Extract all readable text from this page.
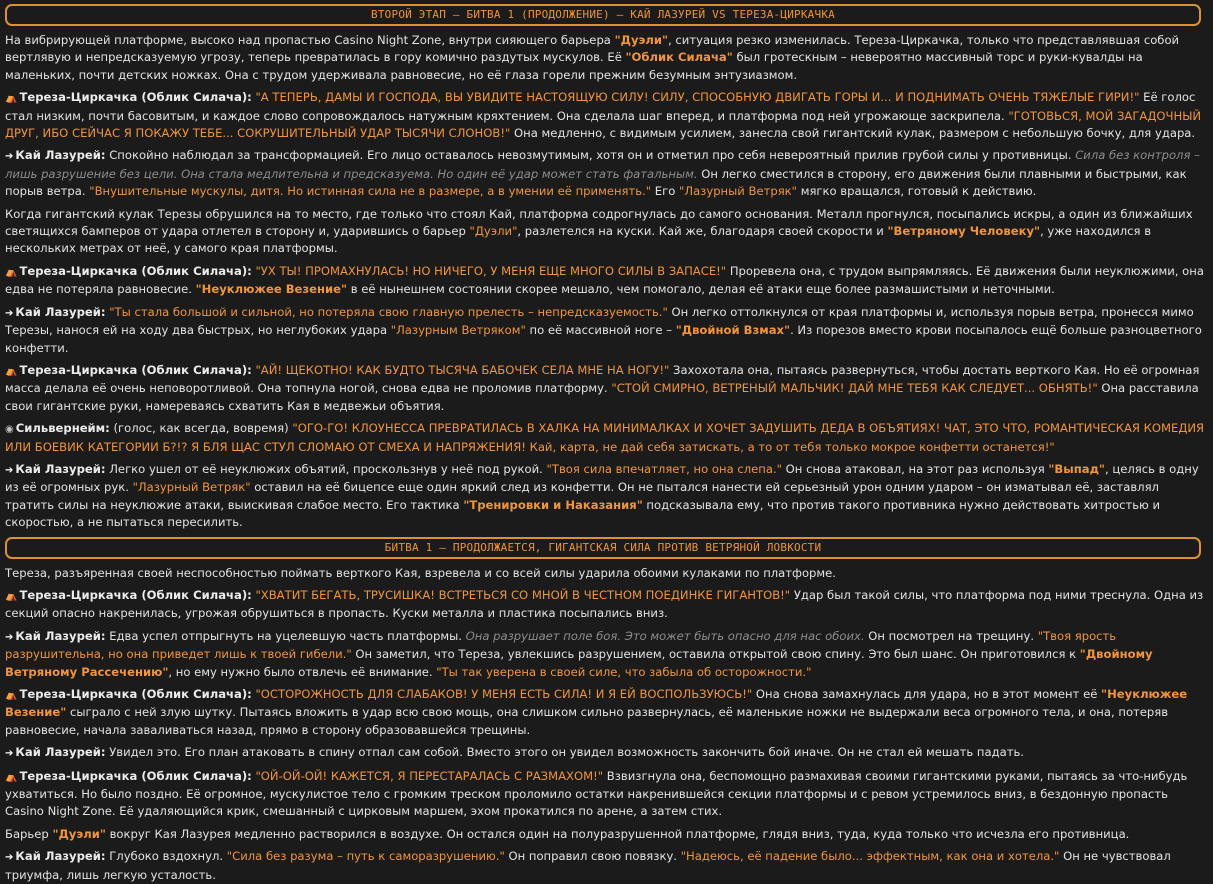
ВТОРОЙ ЭТАП – БИТВА 1 (ПРОДОЛЖЕНИЕ) – КАЙ ЛАЗУРЕЙ VS ТЕРЕЗА-ЦИРКАЧКА

На вибрирующей платформе, высоко над пропастью Casino Night Zone, внутри сияющего барьера "Дуэли", ситуация резко изменилась. Тереза-Циркачка, только что представлявшая собой вертлявую и непредсказуемую угрозу, теперь превратилась в гору комично раздутых мускулов. Её "Облик Силача" был гротескным – невероятно массивный торс и руки-кувалды на маленьких, почти детских ножках. Она с трудом удерживала равновесие, но её глаза горели прежним безумным энтузиазмом.

⛺ Тереза-Циркачка (Облик Силача): "А ТЕПЕРЬ, ДАМЫ И ГОСПОДА, ВЫ УВИДИТЕ НАСТОЯЩУЮ СИЛУ! СИЛУ, СПОСОБНУЮ ДВИГАТЬ ГОРЫ И... И ПОДНИМАТЬ ОЧЕНЬ ТЯЖЕЛЫЕ ГИРИ!" Её голос стал низким, почти басовитым, и каждое слово сопровождалось натужным кряхтением. Она сделала шаг вперед, и платформа под ней угрожающе заскрипела. "ГОТОВЬСЯ, МОЙ ЗАГАДОЧНЫЙ ДРУГ, ИБО СЕЙЧАС Я ПОКАЖУ ТЕБЕ... СОКРУШИТЕЛЬНЫЙ УДАР ТЫСЯЧИ СЛОНОВ!" Она медленно, с видимым усилием, занесла свой гигантский кулак, размером с небольшую бочку, для удара.

➔ Кай Лазурей: Спокойно наблюдал за трансформацией. Его лицо оставалось невозмутимым, хотя он и отметил про себя невероятный прилив грубой силы у противницы. Сила без контроля – лишь разрушение без цели. Она стала медлительна и предсказуема. Но один её удар может стать фатальным. Он легко сместился в сторону, его движения были плавными и быстрыми, как порыв ветра. "Внушительные мускулы, дитя. Но истинная сила не в размере, а в умении её применять." Его "Лазурный Ветряк" мягко вращался, готовый к действию.

Когда гигантский кулак Терезы обрушился на то место, где только что стоял Кай, платформа содрогнулась до самого основания. Металл прогнулся, посыпались искры, а один из ближайших светящихся бамперов от удара отлетел в сторону и, ударившись о барьер "Дуэли", разлетелся на куски. Кай же, благодаря своей скорости и "Ветряному Человеку", уже находился в нескольких метрах от неё, у самого края платформы.

⛺ Тереза-Циркачка (Облик Силача): "УХ ТЫ! ПРОМАХНУЛАСЬ! НО НИЧЕГО, У МЕНЯ ЕЩЕ МНОГО СИЛЫ В ЗАПАСЕ!" Проревела она, с трудом выпрямляясь. Её движения были неуклюжими, она едва не потеряла равновесие. "Неуклюжее Везение" в её нынешнем состоянии скорее мешало, чем помогало, делая её атаки еще более размашистыми и неточными.

➔ Кай Лазурей: "Ты стала большой и сильной, но потеряла свою главную прелесть – непредсказуемость." Он легко оттолкнулся от края платформы и, используя порыв ветра, пронесся мимо Терезы, нанося ей на ходу два быстрых, но неглубоких удара "Лазурным Ветряком" по её массивной ноге – "Двойной Взмах". Из порезов вместо крови посыпалось ещё больше разноцветного конфетти.

⛺ Тереза-Циркачка (Облик Силача): "АЙ! ЩЕКОТНО! КАК БУДТО ТЫСЯЧА БАБОЧЕК СЕЛА МНЕ НА НОГУ!" Захохотала она, пытаясь развернуться, чтобы достать верткого Кая. Но её огромная масса делала её очень неповоротливой. Она топнула ногой, снова едва не проломив платформу. "СТОЙ СМИРНО, ВЕТРЕНЫЙ МАЛЬЧИК! ДАЙ МНЕ ТЕБЯ КАК СЛЕДУЕТ... ОБНЯТЬ!" Она расставила свои гигантские руки, намереваясь схватить Кая в медвежьи объятия.

◉ Сильвернейм: (голос, как всегда, вовремя) "ОГО-ГО! КЛОУНЕССА ПРЕВРАТИЛАСЬ В ХАЛКА НА МИНИМАЛКАХ И ХОЧЕТ ЗАДУШИТЬ ДЕДА В ОБЪЯТИЯХ! ЧАТ, ЭТО ЧТО, РОМАНТИЧЕСКАЯ КОМЕДИЯ ИЛИ БОЕВИК КАТЕГОРИИ Б?!? Я БЛЯ ЩАС СТУЛ СЛОМАЮ ОТ СМЕХА И НАПРЯЖЕНИЯ! Кай, карта, не дай себя затискать, а то от тебя только мокрое конфетти останется!"

➔ Кай Лазурей: Легко ушел от её неуклюжих объятий, проскользнув у неё под рукой. "Твоя сила впечатляет, но она слепа." Он снова атаковал, на этот раз используя "Выпад", целясь в одну из её огромных рук. "Лазурный Ветряк" оставил на её бицепсе еще один яркий след из конфетти. Он не пытался нанести ей серьезный урон одним ударом – он изматывал её, заставлял тратить силы на неуклюжие атаки, выискивая слабое место. Его тактика "Тренировки и Наказания" подсказывала ему, что против такого противника нужно действовать хитростью и скоростью, а не пытаться пересилить.

БИТВА 1 – ПРОДОЛЖАЕТСЯ, ГИГАНТСКАЯ СИЛА ПРОТИВ ВЕТРЯНОЙ ЛОВКОСТИ

Тереза, разъяренная своей неспособностью поймать верткого Кая, взревела и со всей силы ударила обоими кулаками по платформе.

⛺ Тереза-Циркачка (Облик Силача): "ХВАТИТ БЕГАТЬ, ТРУСИШКА! ВСТРЕТЬСЯ СО МНОЙ В ЧЕСТНОМ ПОЕДИНКЕ ГИГАНТОВ!" Удар был такой силы, что платформа под ними треснула. Одна из секций опасно накренилась, угрожая обрушиться в пропасть. Куски металла и пластика посыпались вниз.

➔ Кай Лазурей: Едва успел отпрыгнуть на уцелевшую часть платформы. Она разрушает поле боя. Это может быть опасно для нас обоих. Он посмотрел на трещину. "Твоя ярость разрушительна, но она приведет лишь к твоей гибели." Он заметил, что Тереза, увлекшись разрушением, оставила открытой свою спину. Это был шанс. Он приготовился к "Двойному Ветряному Рассечению", но ему нужно было отвлечь её внимание. "Ты так уверена в своей силе, что забыла об осторожности."

⛺ Тереза-Циркачка (Облик Силача): "ОСТОРОЖНОСТЬ ДЛЯ СЛАБАКОВ! У МЕНЯ ЕСТЬ СИЛА! И Я ЕЙ ВОСПОЛЬЗУЮСЬ!" Она снова замахнулась для удара, но в этот момент её "Неуклюжее Везение" сыграло с ней злую шутку. Пытаясь вложить в удар всю свою мощь, она слишком сильно развернулась, её маленькие ножки не выдержали веса огромного тела, и она, потеряв равновесие, начала заваливаться назад, прямо в сторону образовавшейся трещины.

➔ Кай Лазурей: Увидел это. Его план атаковать в спину отпал сам собой. Вместо этого он увидел возможность закончить бой иначе. Он не стал ей мешать падать.

⛺ Тереза-Циркачка (Облик Силача): "ОЙ-ОЙ-ОЙ! КАЖЕТСЯ, Я ПЕРЕСТАРАЛАСЬ С РАЗМАХОМ!" Взвизгнула она, беспомощно размахивая своими гигантскими руками, пытаясь за что-нибудь ухватиться. Но было поздно. Её огромное, мускулистое тело с громким треском проломило остатки накренившейся секции платформы и с ревом устремилось вниз, в бездонную пропасть Casino Night Zone. Её удаляющийся крик, смешанный с цирковым маршем, эхом прокатился по арене, а затем стих.

Барьер "Дуэли" вокруг Кая Лазурея медленно растворился в воздухе. Он остался один на полуразрушенной платформе, глядя вниз, туда, куда только что исчезла его противница.

➔ Кай Лазурей: Глубоко вздохнул. "Сила без разума – путь к саморазрушению." Он поправил свою повязку. "Надеюсь, её падение было... эффектным, как она и хотела." Он не чувствовал триумфа, лишь легкую усталость.
